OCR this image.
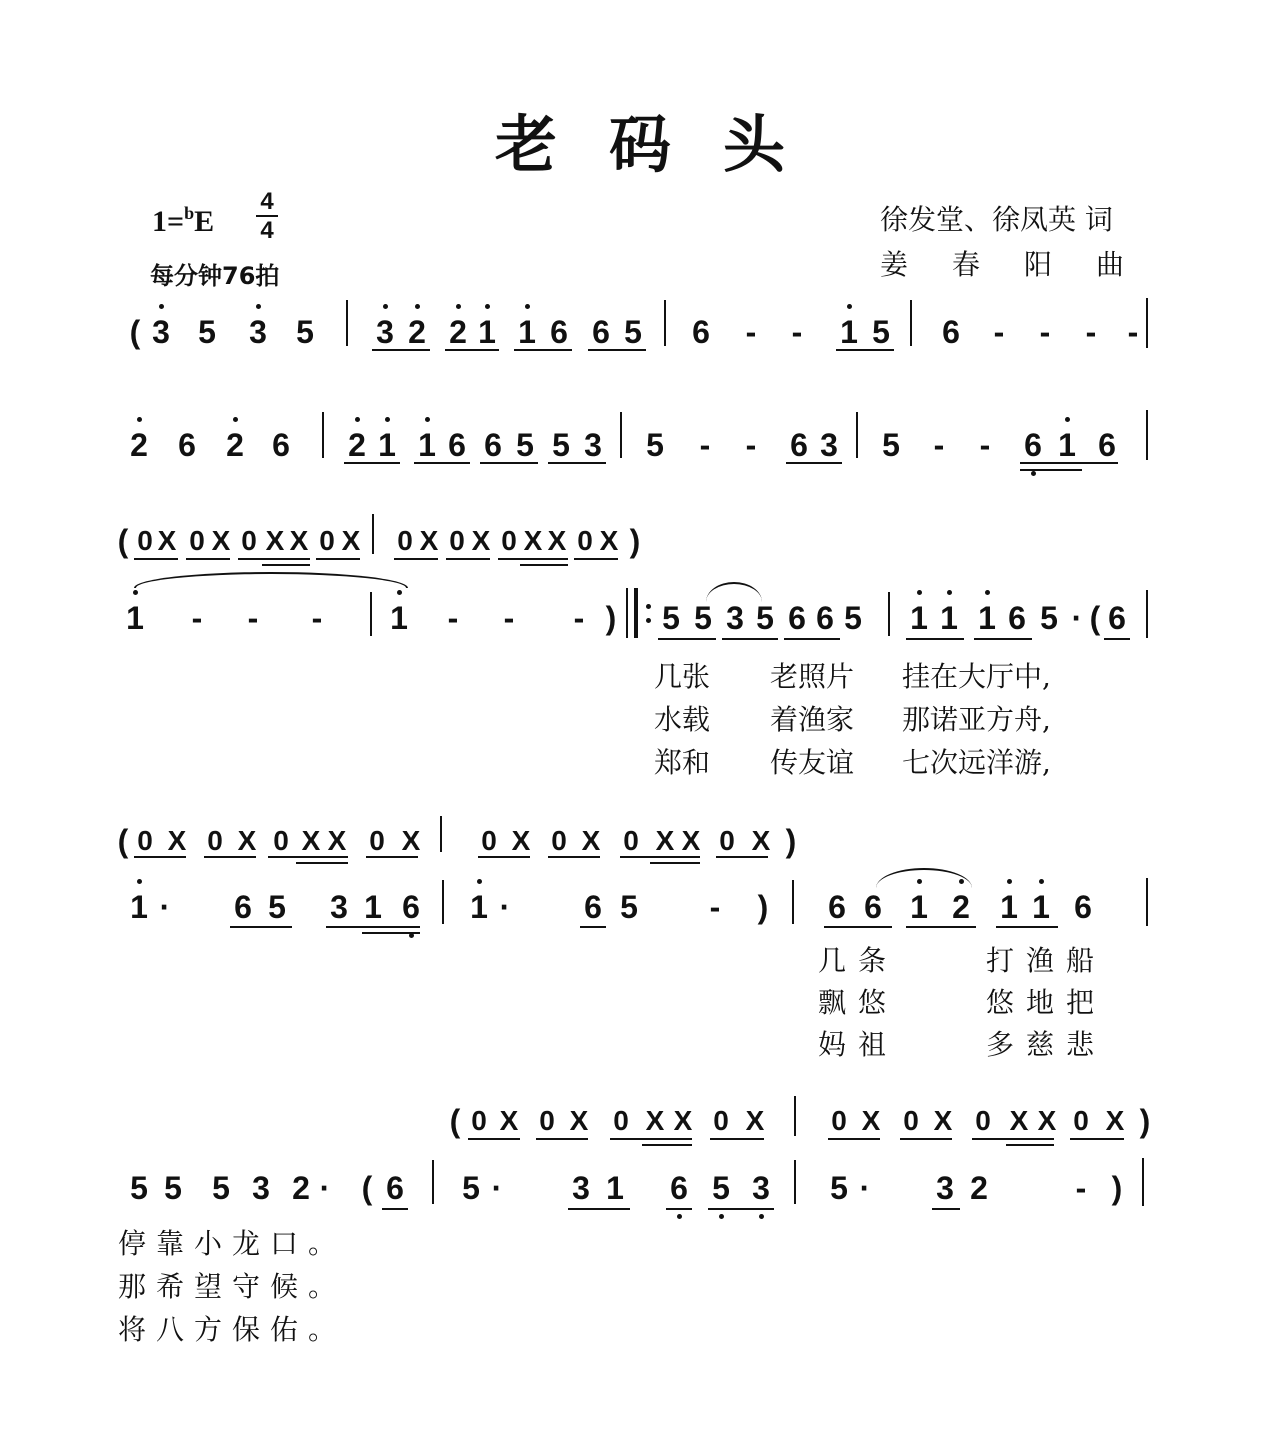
老码头
1=$^b$E
4
4
每分钟76拍
徐发堂、徐凤英 词
姜春阳曲
( 3 5 3 5 3 2 2 1 1 6 6 5 6	-	-	1 5 6	-	-	- -
2 6 2 6 2 1 1 6 6 5 5 3 5	-	-	6 3 5	-	-	6 1 6
( 0 X 0 X 0 X X 0 X 0 X 0 X 0 X X 0 X )
1	-	-	-	1	-	-	- )	5 5 3 5 6 6 5 1 1 1 6 5 · ( 6
( 0 X 0 X 0 X X 0 X 0 X 0 X 0 X X 0 X )
1 ·	6 5 3 1 6 1 ·	6 5	-	)	6 6 1 2 1 1 6
( 0 X 0 X 0 X X 0 X 0 X 0 X 0 X X 0 X )
5 5 5 3 2 · ( 6 5 ·	3 1 6 5 3 5 ·	3 2	- )
几张 老照片 挂在大厅中,
水载 着渔家 那诺亚方舟,
郑和 传友谊 七次远洋游,
几条	打渔船
飘悠	悠地把
妈祖	多慈悲
停靠小龙口。
那希望守候。
将八方保佑。
